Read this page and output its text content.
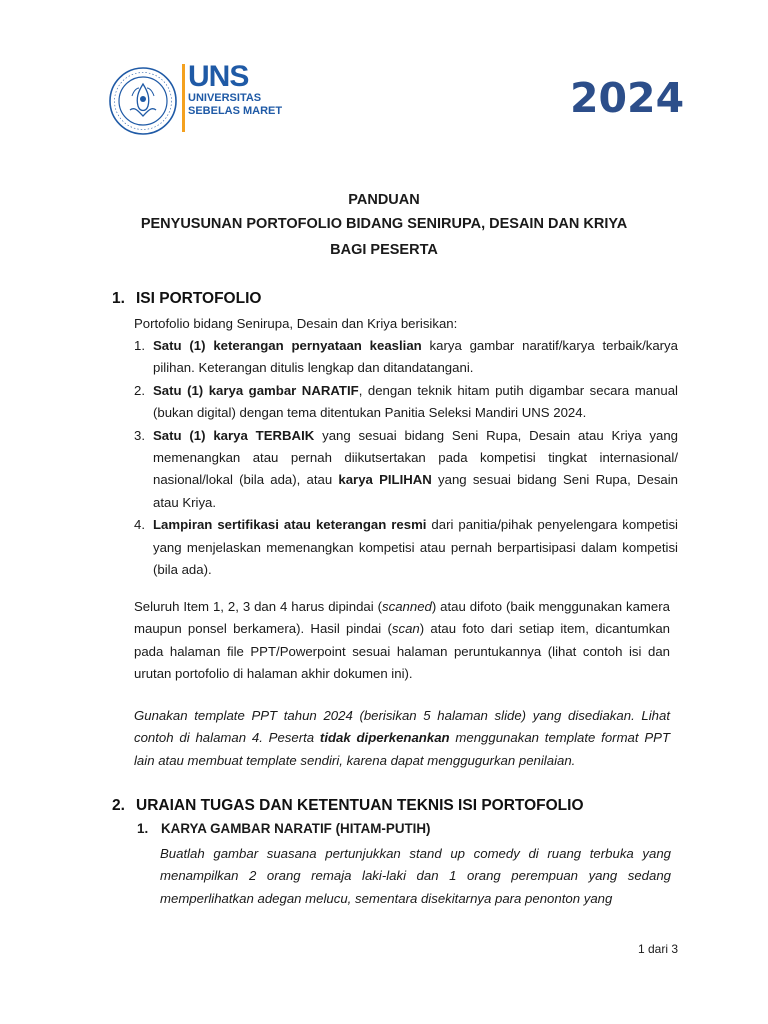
UNS
UNIVERSITAS
SEBELAS MARET	2024
PANDUAN
PENYUSUNAN PORTOFOLIO BIDANG SENIRUPA, DESAIN DAN KRIYA
BAGI PESERTA
1. ISI PORTOFOLIO
Portofolio bidang Senirupa, Desain dan Kriya berisikan:
1. Satu (1) keterangan pernyataan keaslian karya gambar naratif/karya terbaik/karya pilihan. Keterangan ditulis lengkap dan ditandatangani.
2. Satu (1) karya gambar NARATIF, dengan teknik hitam putih digambar secara manual (bukan digital) dengan tema ditentukan Panitia Seleksi Mandiri UNS 2024.
3. Satu (1) karya TERBAIK yang sesuai bidang Seni Rupa, Desain atau Kriya yang memenangkan atau pernah diikutsertakan pada kompetisi tingkat internasional/ nasional/lokal (bila ada), atau karya PILIHAN yang sesuai bidang Seni Rupa, Desain atau Kriya.
4. Lampiran sertifikasi atau keterangan resmi dari panitia/pihak penyelengara kompetisi yang menjelaskan memenangkan kompetisi atau pernah berpartisipasi dalam kompetisi (bila ada).
Seluruh Item 1, 2, 3 dan 4 harus dipindai (scanned) atau difoto (baik menggunakan kamera maupun ponsel berkamera). Hasil pindai (scan) atau foto dari setiap item, dicantumkan pada halaman file PPT/Powerpoint sesuai halaman peruntukannya (lihat contoh isi dan urutan portofolio di halaman akhir dokumen ini).
Gunakan template PPT tahun 2024 (berisikan 5 halaman slide) yang disediakan. Lihat contoh di halaman 4. Peserta tidak diperkenankan menggunakan template format PPT lain atau membuat template sendiri, karena dapat menggugurkan penilaian.
2. URAIAN TUGAS DAN KETENTUAN TEKNIS ISI PORTOFOLIO
1. KARYA GAMBAR NARATIF (HITAM-PUTIH)
Buatlah gambar suasana pertunjukkan stand up comedy di ruang terbuka yang menampilkan 2 orang remaja laki-laki dan 1 orang perempuan yang sedang memperlihatkan adegan melucu, sementara disekitarnya para penonton yang
1 dari 3
